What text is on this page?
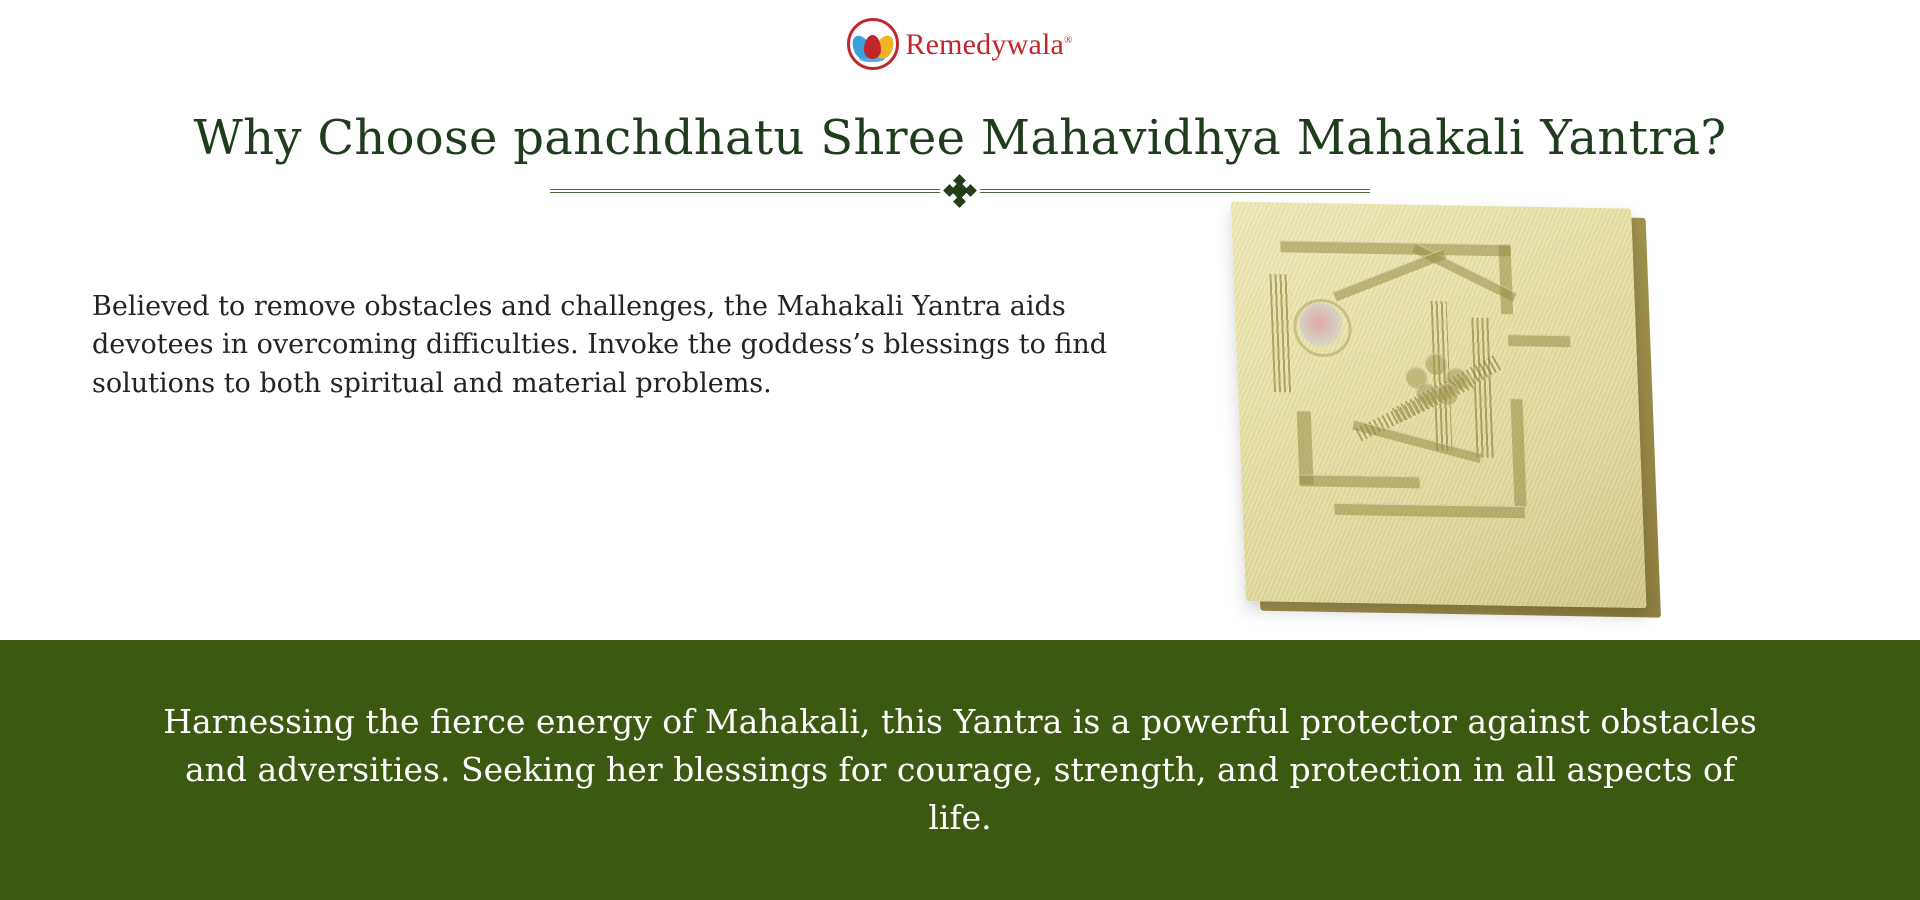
Remedywala®
Why Choose panchdhatu Shree Mahavidhya Mahakali Yantra?
Believed to remove obstacles and challenges, the Mahakali Yantra aids devotees in overcoming difficulties. Invoke the goddess’s blessings to find solutions to both spiritual and material problems.
Harnessing the fierce energy of Mahakali, this Yantra is a powerful protector against obstacles and adversities. Seeking her blessings for courage, strength, and protection in all aspects of life.
